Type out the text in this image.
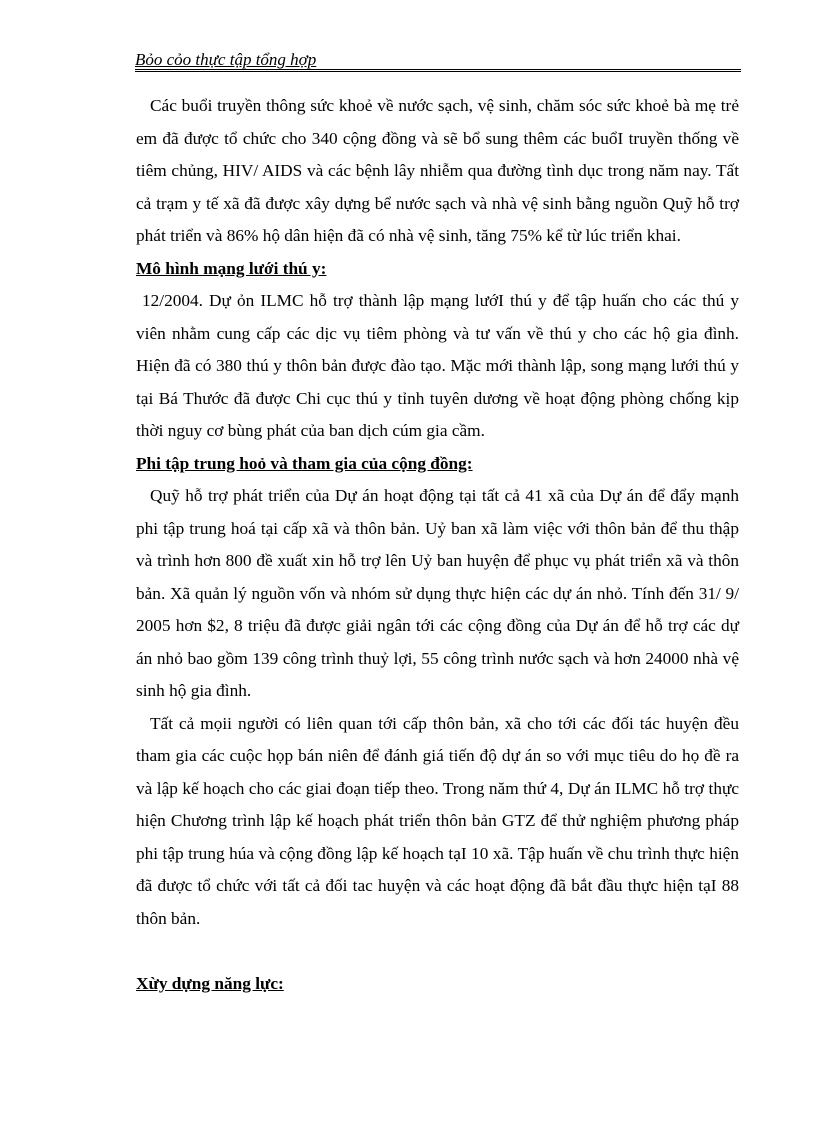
Bỏo cỏo thực tập tổng hợp

Các buổi truyền thông sức khoẻ về nước sạch, vệ sinh, chăm sóc sức khoẻ bà mẹ trẻ em đã được tổ chức cho 340 cộng đồng và sẽ bổ sung thêm các buổI truyền thống về tiêm chủng, HIV/ AIDS và các bệnh lây nhiễm qua đường tình dục trong năm nay. Tất cả trạm y tế xã đã được xây dựng bể nước sạch và nhà vệ sinh bằng nguồn Quỹ hỗ trợ phát triển và 86% hộ dân hiện đã có nhà vệ sinh, tăng 75% kể từ lúc triển khai.

Mô hình mạng lưới thú y:

12/2004. Dự ỏn ILMC hỗ trợ thành lập mạng lướI thú y để tập huấn cho các thú y viên nhằm cung cấp các dịc vụ tiêm phòng và tư vấn về thú y cho các hộ gia đình. Hiện đã có 380 thú y thôn bản được đào tạo. Mặc mới thành lập, song mạng lưới thú y tại Bá Thước đã được Chi cục thú y tỉnh tuyên dương về hoạt động phòng chống kịp thời nguy cơ bùng phát của ban dịch cúm gia cầm.

Phi tập trung hoỏ và tham gia của cộng đồng:

Quỹ hỗ trợ phát triển của Dự án hoạt động tại tất cả 41 xã của Dự án để đẩy mạnh phi tập trung hoá tại cấp xã và thôn bản. Uỷ ban xã làm việc với thôn bản để thu thập và trình hơn 800 đề xuất xin hỗ trợ lên Uỷ ban huyện để phục vụ phát triển xã và thôn bản. Xã quản lý nguồn vốn và nhóm sử dụng thực hiện các dự án nhỏ. Tính đến 31/ 9/ 2005 hơn $2, 8 triệu đã được giải ngân tới các cộng đồng của Dự án để hỗ trợ các dự án nhỏ bao gồm 139 công trình thuỷ lợi, 55 công trình nước sạch và hơn 24000 nhà vệ sinh hộ gia đình.

Tất cả mọii người có liên quan tới cấp thôn bản, xã cho tới các đối tác huyện đều tham gia các cuộc họp bán niên để đánh giá tiến độ dự án so với mục tiêu do họ đề ra và lập kế hoạch cho các giai đoạn tiếp theo. Trong năm thứ 4, Dự án ILMC hỗ trợ thực hiện Chương trình lập kế hoạch phát triển thôn bản GTZ để thử nghiệm phương pháp phi tập trung húa và cộng đồng lập kế hoạch tạI 10 xã. Tập huấn về chu trình thực hiện đã được tổ chức với tất cả đối tac huyện và các hoạt động đã bắt đầu thực hiện tạI 88 thôn bản.

Xừy dựng năng lực:
